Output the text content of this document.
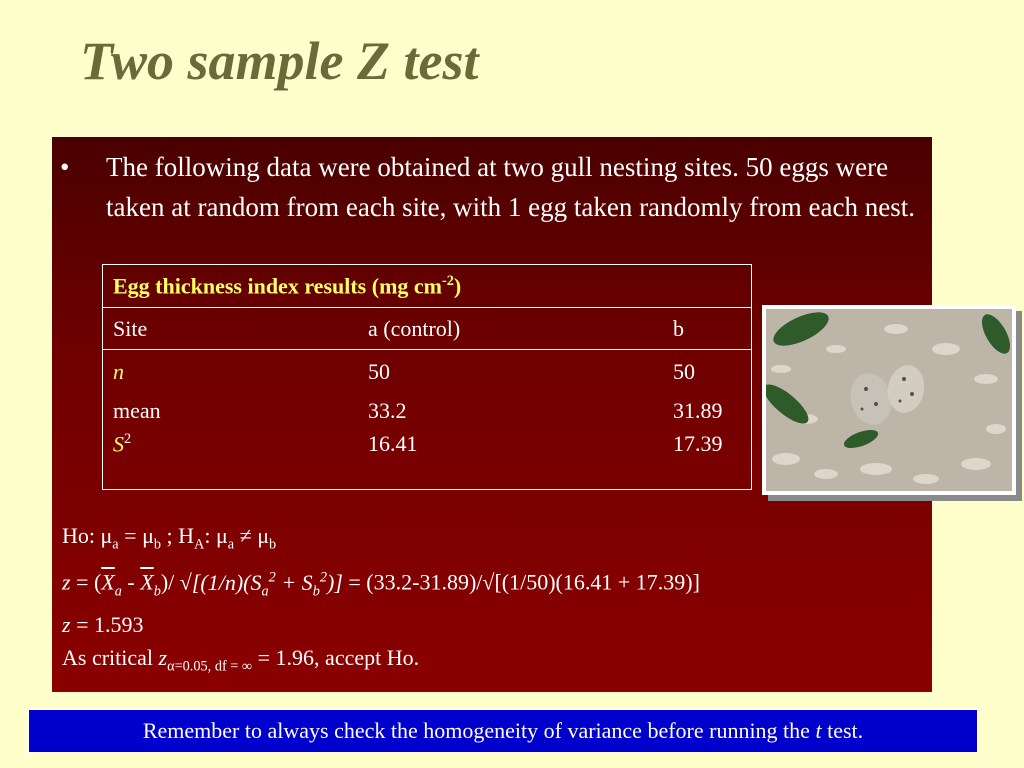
Two sample Z test
• The following data were obtained at two gull nesting sites. 50 eggs were taken at random from each site, with 1 egg taken randomly from each nest.
Egg thickness index results (mg $cm^{-2}$)		
Site	a (control)	b
n	50	50
mean	33.2	31.89
$S^2$	16.41	17.39

Ho: $\mu_a = \mu_b$ ; $H_A$: $\mu_a \ne \mu_b$
$z = (\overline{X}_a - \overline{X}_b)/$ $√[(1/n)(S_a^2 + S_b^2)] = (33.2-31.89)/√[(1/50)(16.41 + 17.39)]$
z = 1.593
As critical $z_{\alpha=0.05, df = \infty} = 1.96$, accept Ho.
Remember to always check the homogeneity of variance before running the t test.
